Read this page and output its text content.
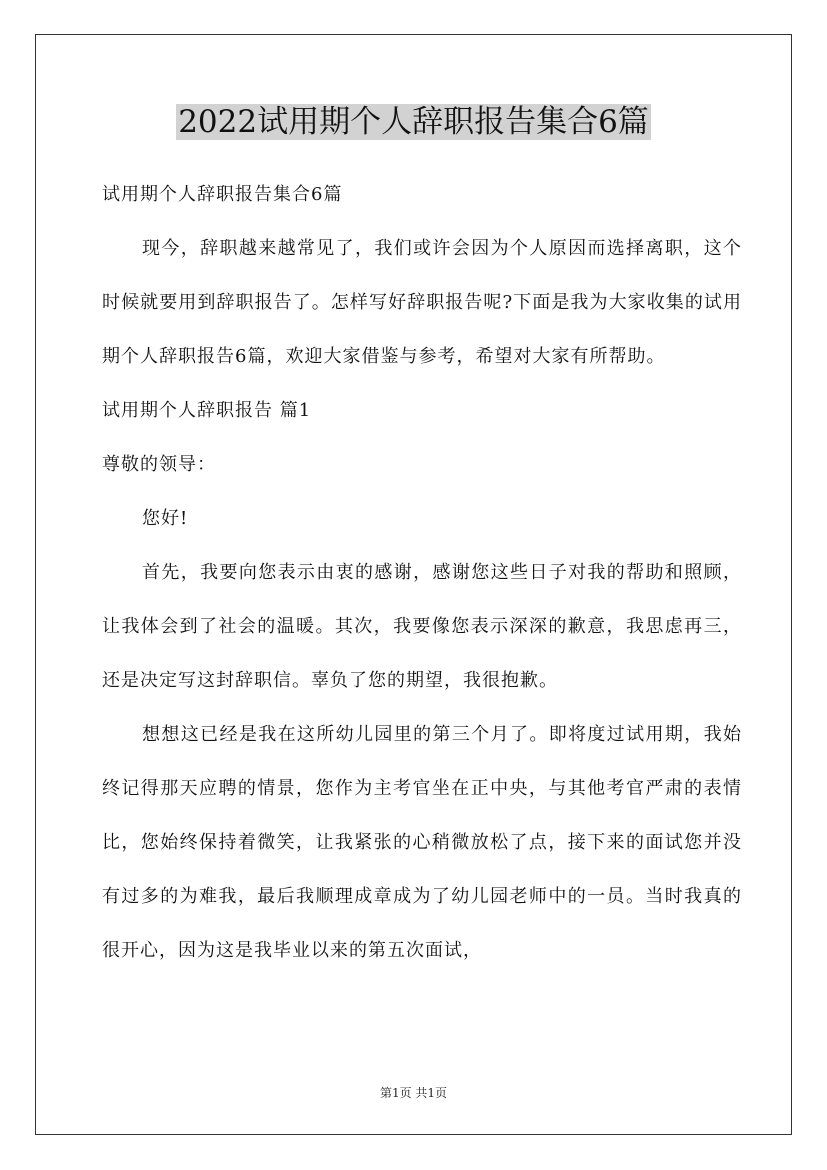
2022试用期个人辞职报告集合6篇

试用期个人辞职报告集合6篇

现今，辞职越来越常见了，我们或许会因为个人原因而选择离职，这个时候就要用到辞职报告了。怎样写好辞职报告呢?下面是我为大家收集的试用期个人辞职报告6篇，欢迎大家借鉴与参考，希望对大家有所帮助。

试用期个人辞职报告 篇1

尊敬的领导：

您好!

首先，我要向您表示由衷的感谢，感谢您这些日子对我的帮助和照顾，让我体会到了社会的温暖。其次，我要像您表示深深的歉意，我思虑再三，还是决定写这封辞职信。辜负了您的期望，我很抱歉。

想想这已经是我在这所幼儿园里的第三个月了。即将度过试用期，我始终记得那天应聘的情景，您作为主考官坐在正中央，与其他考官严肃的表情比，您始终保持着微笑，让我紧张的心稍微放松了点，接下来的面试您并没有过多的为难我，最后我顺理成章成为了幼儿园老师中的一员。当时我真的很开心，因为这是我毕业以来的第五次面试，

第1页 共1页
